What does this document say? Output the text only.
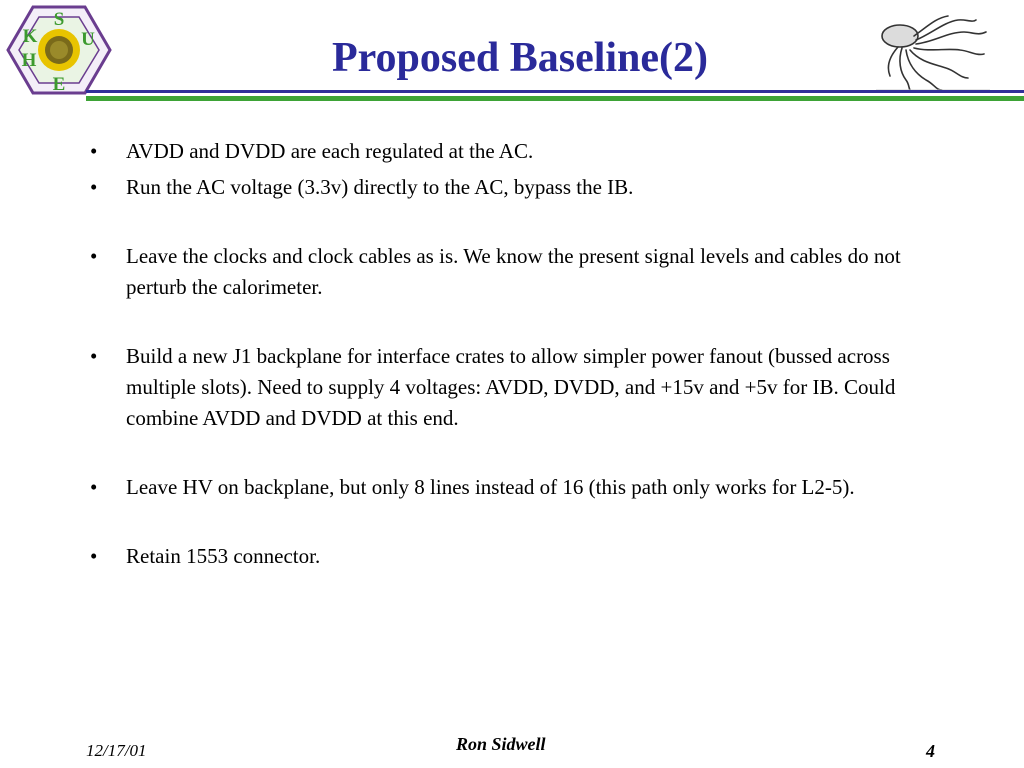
S
U
H
E
K	Proposed Baseline(2)
•	AVDD and DVDD are each regulated at the AC.
•	Run the AC voltage (3.3v) directly to the AC, bypass the IB.
•	Leave the clocks and clock cables as is. We know the present signal levels and cables do not perturb the calorimeter.
•	Build a new J1 backplane for interface crates to allow simpler power fanout (bussed across multiple slots). Need to supply 4 voltages: AVDD, DVDD, and +15v and +5v for IB. Could combine AVDD and DVDD at this end.
•	Leave HV on backplane, but only 8 lines instead of 16 (this path only works for L2-5).
•	Retain 1553 connector.
12/17/01	Ron Sidwell	4
